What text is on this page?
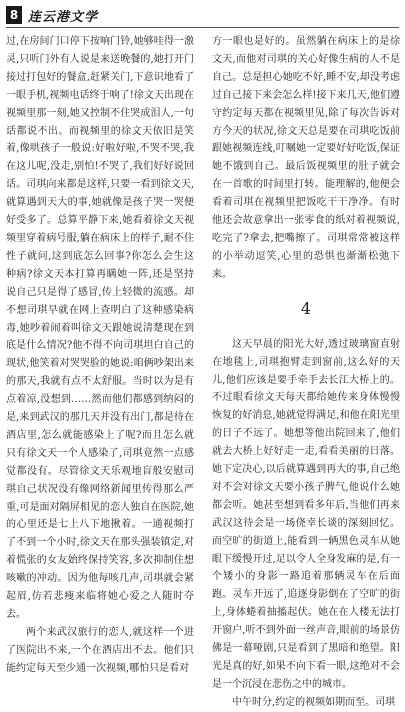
8 连云港文学

过,在房间门口停下按响门铃,她够哇得一激灵,只听门外有人说是来送晚餐的,她打开门接过打包好的餐盒,赶紧关门,下意识地看了一眼手机,视频电话终于响了!徐文天出现在视频里那一刻,她又控制不住哭成泪人,一句话都说不出。而视频里的徐文天依旧是笑着,像哄孩子一般说:好啦好啦,不哭不哭,我在这儿呢,没走,别怕!不哭了,我们好好说回话。司琪向来都是这样,只要一看到徐文天,就算遇到天大的事,她就像是孩子哭一哭便好受多了。总算平静下来,她看着徐文天视频里穿着病号服,躺在病床上的样子,耐不住性子就问,这到底怎么回事?你怎么会生这种病?徐文天本打算再瞒她一阵,还是坚持说自己只是得了感冒,传上轻微的流感。却不想司琪早就在网上查明白了这种感染病毒,她吵着闹着叫徐文天跟她说清楚现在到底是什么情况?他不得不向司琪坦白自己的现状,他笑着对哭哭脸的她说:咱俩吵架出来的那天,我就有点不太舒服。当时以为是有点着凉,没想到……然而他们都感到纳闷的是,来到武汉的那几天并没有出门,都是待在酒店里,怎么就能感染上了呢?而且怎么就只有徐文天一个人感染了,司琪竟然一点感觉都没有。尽管徐文天乐观地盲般安慰司琪自己状况没有像网络新闻里传得那么严重,可是面对隔屏相见的恋人独自在医院,她的心里还是七上八下地揪着。一通视频打了不到一个小时,徐文天在那头强装镇定,对着慌张的女友始终保持笑容,多次抑制住想咳嗽的冲动。因为他每咳几声,司琪就会紧起眉,仿若悲瘦来临将她心爱之人随时夺去。

两个来武汉旅行的恋人,就这样一个进了医院出不来,一个在酒店出不去。他们只能约定每天至少通一次视频,哪怕只是看对

方一眼也是好的。虽然躺在病床上的是徐文天,而他对司琪的关心好像生病的人不是自己。总是担心她吃不好,睡不安,却没考虑过自己接下来会怎么样!接下来几天,他们遵守约定每天都在视频里见,除了每次告诉对方今天的状况,徐文天总是要在司琪吃饭前跟她视频连线,叮嘱她一定要好好吃饭,保证她不饿到自己。最后饭视频里的肚子就会在一首歌的时间里打转。能理解的,他便会看着司琪在视频里把饭吃干干净净。有时他还会故意拿出一张零食的纸对着视频说,吃完了?拿去,把嘴擦了。司琪常常被这样的小举动逗笑,心里的恐惧也渐渐松弛下来。

4

这天早晨的阳光大好,透过玻璃窗直射在地毯上,司琪抱臂走到窗前,这么好的天儿,他们应该是要手牵手去长江大桥上的。不过眼看徐文天每天都给她传来身体慢慢恢复的好消息,她就觉得满足,和他在阳光里的日子不远了。她想等他出院回来了,他们就去大桥上好好走一走,看看美丽的日落。她下定决心,以后就算遇到再大的事,自己绝对不会对徐文天要小孩子脾气,他说什么她都会听。她甚至想到看多年后,当他们再来武汉这待会是一场侥幸长谈的深刻回忆。而空旷的街道上,能看到一辆黑色灵车从她眼下缓慢开过,足以令人全身发麻的是,有一个矮小的身影一路追着那辆灵车在后面跑。灵车开远了,追逐身影倒在了空旷的街上,身体蜷着抽搐起伏。她在在人楼无法打开窗户,听不到外面一丝声音,眼前的场景仿佛是一幕哑剧,只是看到了黑暗和绝望。阳光是真的好,如果不向下看一眼,这绝对不会是一个沉浸在悲伤之中的城市。

中午时分,约定的视频如期而至。司琪
